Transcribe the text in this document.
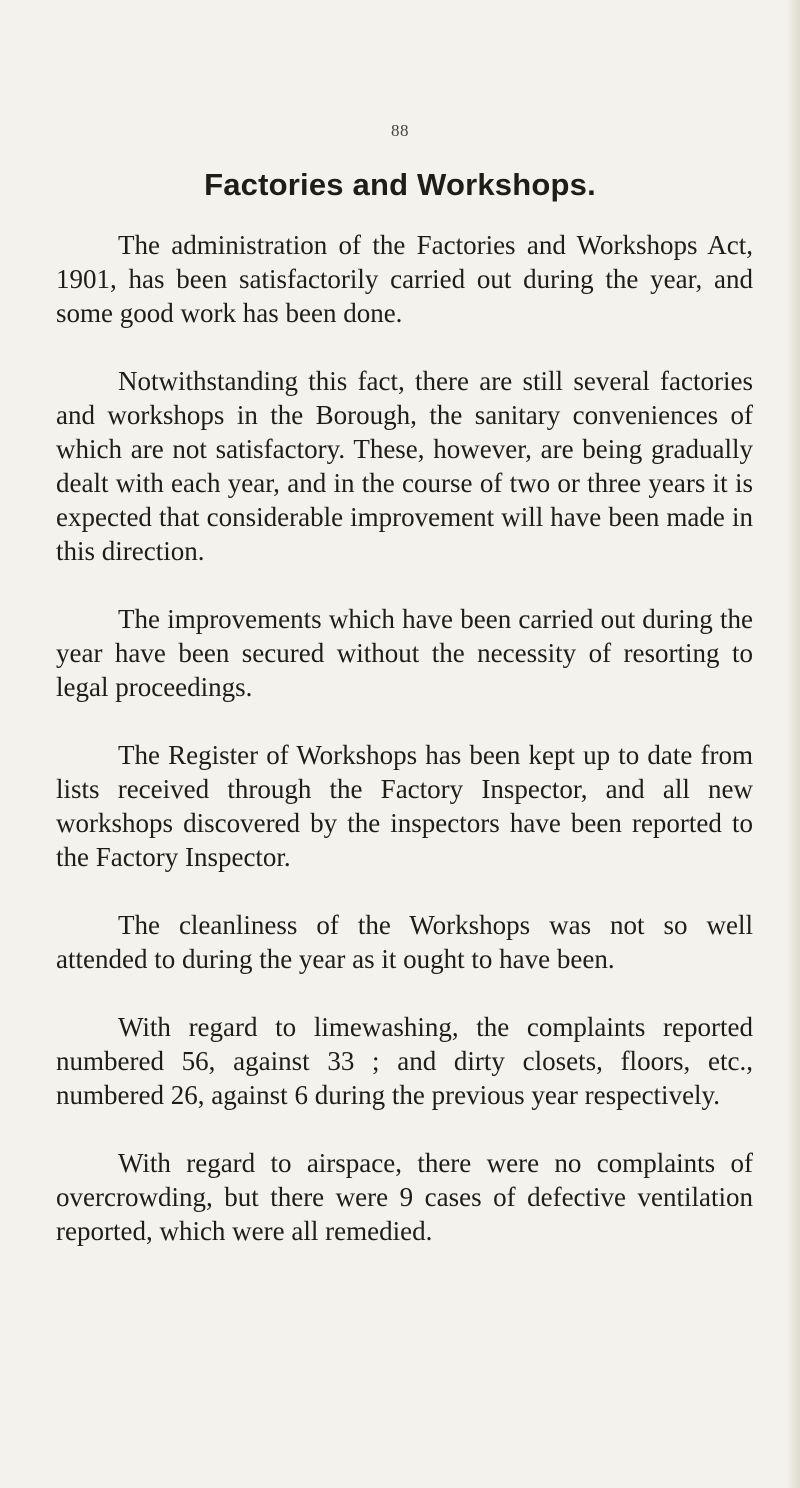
88
Factories and Workshops.

The administration of the Factories and Workshops Act, 1901, has been satisfactorily carried out during the year, and some good work has been done.

Notwithstanding this fact, there are still several factories and workshops in the Borough, the sanitary conveniences of which are not satisfactory. These, however, are being gradually dealt with each year, and in the course of two or three years it is expected that considerable improvement will have been made in this direction.

The improvements which have been carried out during the year have been secured without the necessity of resorting to legal proceedings.

The Register of Workshops has been kept up to date from lists received through the Factory Inspector, and all new workshops discovered by the inspectors have been reported to the Factory Inspector.

The cleanliness of the Workshops was not so well attended to during the year as it ought to have been.

With regard to limewashing, the complaints reported numbered 56, against 33 ; and dirty closets, floors, etc., numbered 26, against 6 during the previous year respectively.

With regard to airspace, there were no complaints of overcrowding, but there were 9 cases of defective ventilation reported, which were all remedied.
